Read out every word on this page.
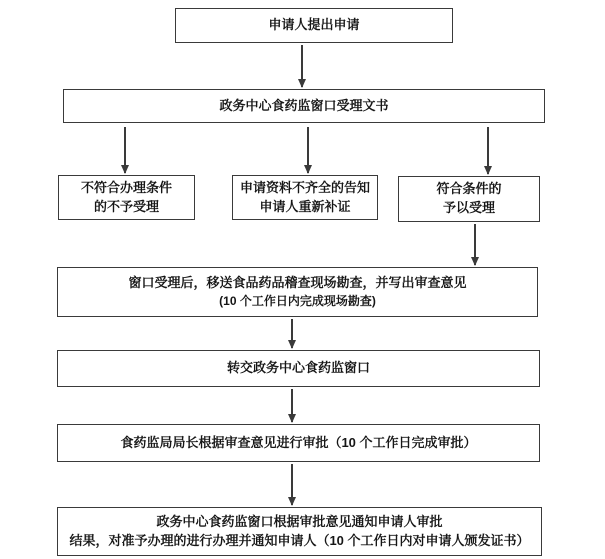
申请人提出申请
政务中心食药监窗口受理文书
不符合办理条件
的不予受理
申请资料不齐全的告知
申请人重新补证
符合条件的
予以受理
窗口受理后，移送食品药品稽查现场勘查，并写出审查意见
(10 个工作日内完成现场勘查)
转交政务中心食药监窗口
食药监局局长根据审查意见进行审批（10 个工作日完成审批）
政务中心食药监窗口根据审批意见通知申请人审批
结果，对准予办理的进行办理并通知申请人（10 个工作日内对申请人颁发证书）
